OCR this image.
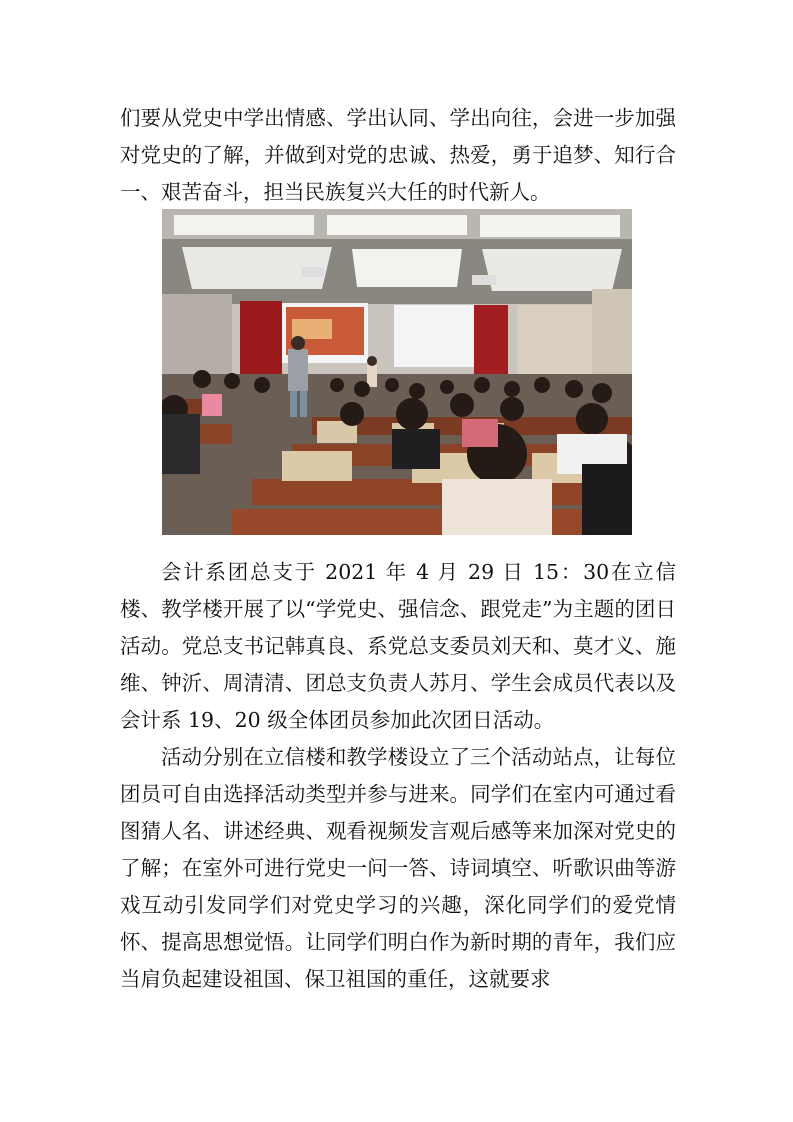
们要从党史中学出情感、学出认同、学出向往，会进一步加强对党史的了解，并做到对党的忠诚、热爱，勇于追梦、知行合一、艰苦奋斗，担当民族复兴大任的时代新人。

会计系团总支于 2021 年 4 月 29 日 15：30在立信楼、教学楼开展了以“学党史、强信念、跟党走”为主题的团日活动。党总支书记韩真良、系党总支委员刘天和、莫才义、施维、钟沂、周清清、团总支负责人苏月、学生会成员代表以及会计系 19、20 级全体团员参加此次团日活动。

活动分别在立信楼和教学楼设立了三个活动站点，让每位团员可自由选择活动类型并参与进来。同学们在室内可通过看图猜人名、讲述经典、观看视频发言观后感等来加深对党史的了解；在室外可进行党史一问一答、诗词填空、听歌识曲等游戏互动引发同学们对党史学习的兴趣，深化同学们的爱党情怀、提高思想觉悟。让同学们明白作为新时期的青年，我们应当肩负起建设祖国、保卫祖国的重任，这就要求
